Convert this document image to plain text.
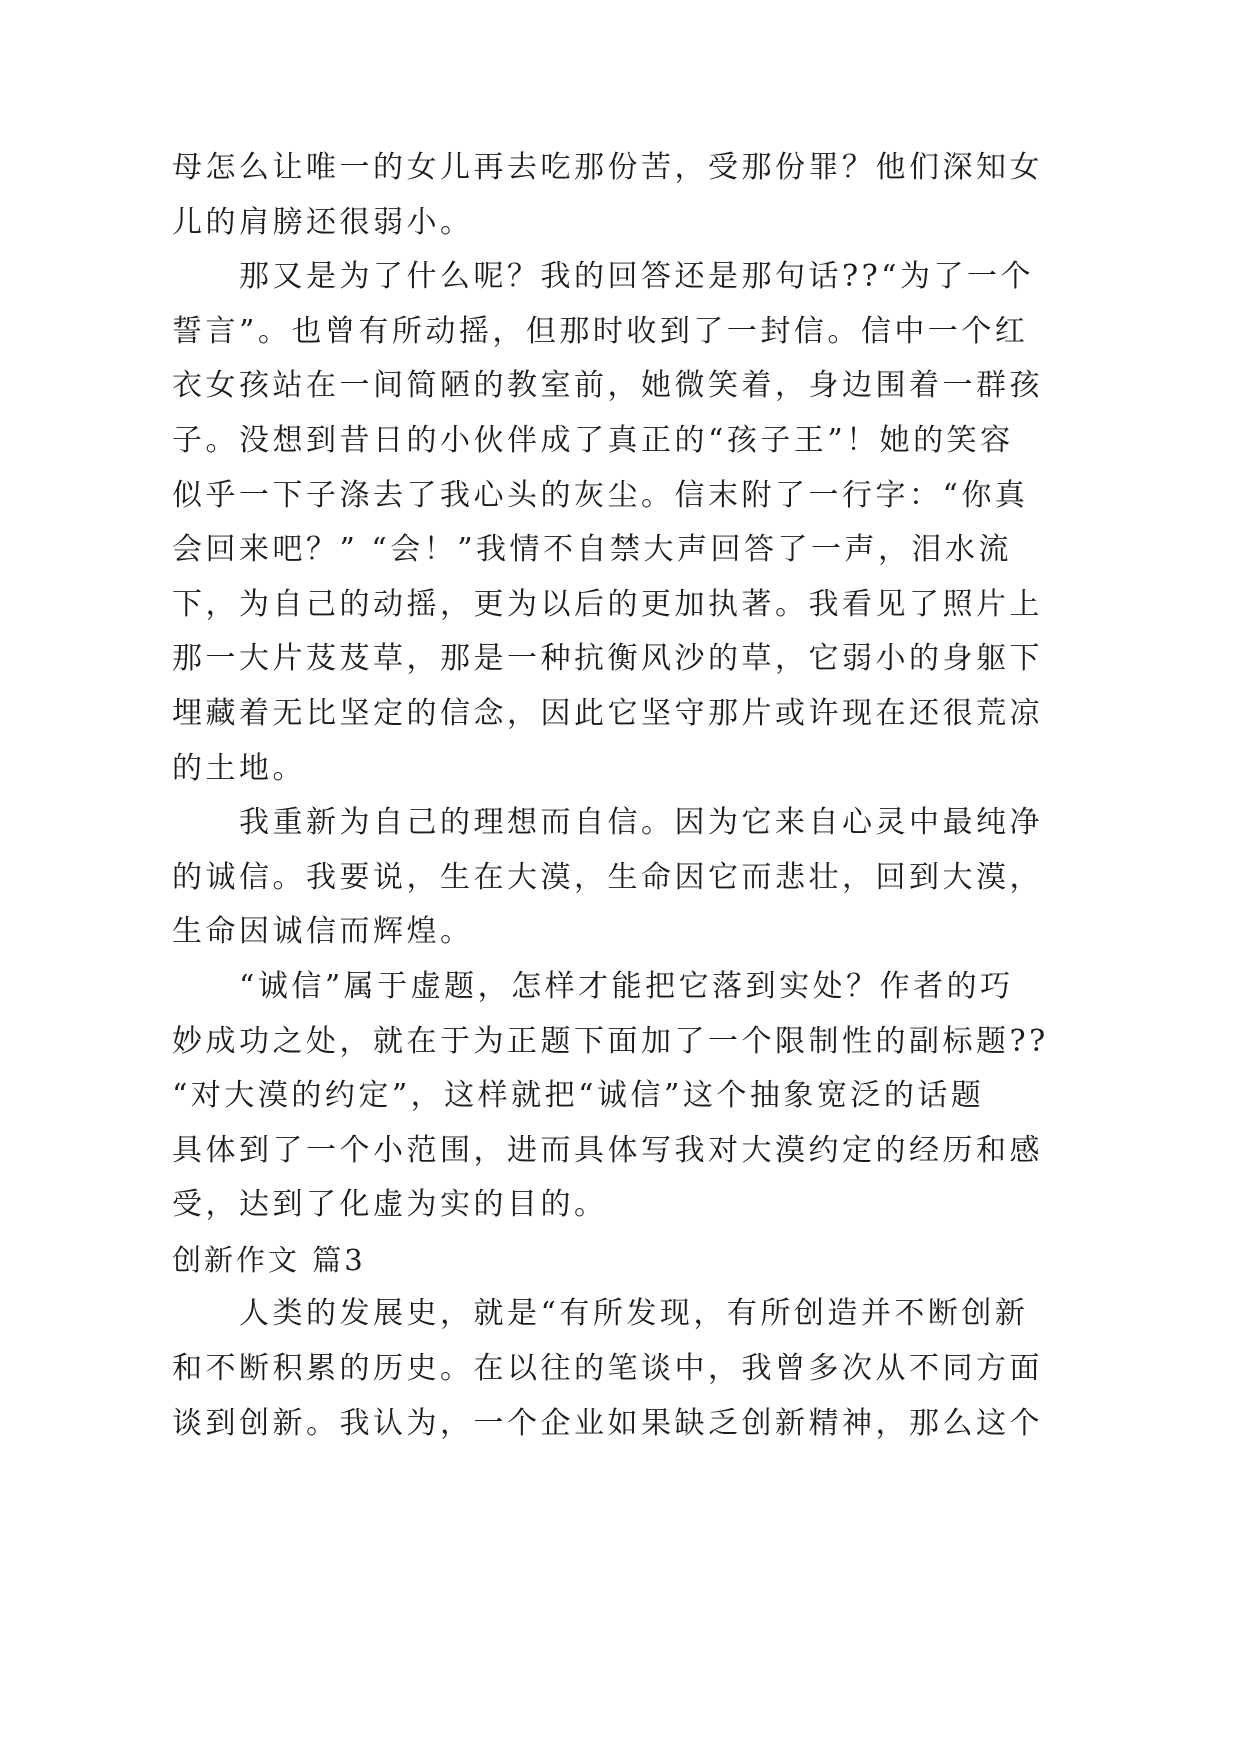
母怎么让唯一的女儿再去吃那份苦，受那份罪？他们深知女
儿的肩膀还很弱小。
那又是为了什么呢？我的回答还是那句话??“为了一个
誓言”。也曾有所动摇，但那时收到了一封信。信中一个红
衣女孩站在一间简陋的教室前，她微笑着，身边围着一群孩
子。没想到昔日的小伙伴成了真正的“孩子王”！她的笑容
似乎一下子涤去了我心头的灰尘。信末附了一行字：“你真
会回来吧？” “会！”我情不自禁大声回答了一声，泪水流
下，为自己的动摇，更为以后的更加执著。我看见了照片上
那一大片芨芨草，那是一种抗衡风沙的草，它弱小的身躯下
埋藏着无比坚定的信念，因此它坚守那片或许现在还很荒凉
的土地。
我重新为自己的理想而自信。因为它来自心灵中最纯净
的诚信。我要说，生在大漠，生命因它而悲壮，回到大漠，
生命因诚信而辉煌。
“诚信”属于虚题，怎样才能把它落到实处？作者的巧
妙成功之处，就在于为正题下面加了一个限制性的副标题??
“对大漠的约定”，这样就把“诚信”这个抽象宽泛的话题
具体到了一个小范围，进而具体写我对大漠约定的经历和感
受，达到了化虚为实的目的。
创新作文 篇3
人类的发展史，就是“有所发现，有所创造并不断创新
和不断积累的历史。在以往的笔谈中，我曾多次从不同方面
谈到创新。我认为，一个企业如果缺乏创新精神，那么这个
